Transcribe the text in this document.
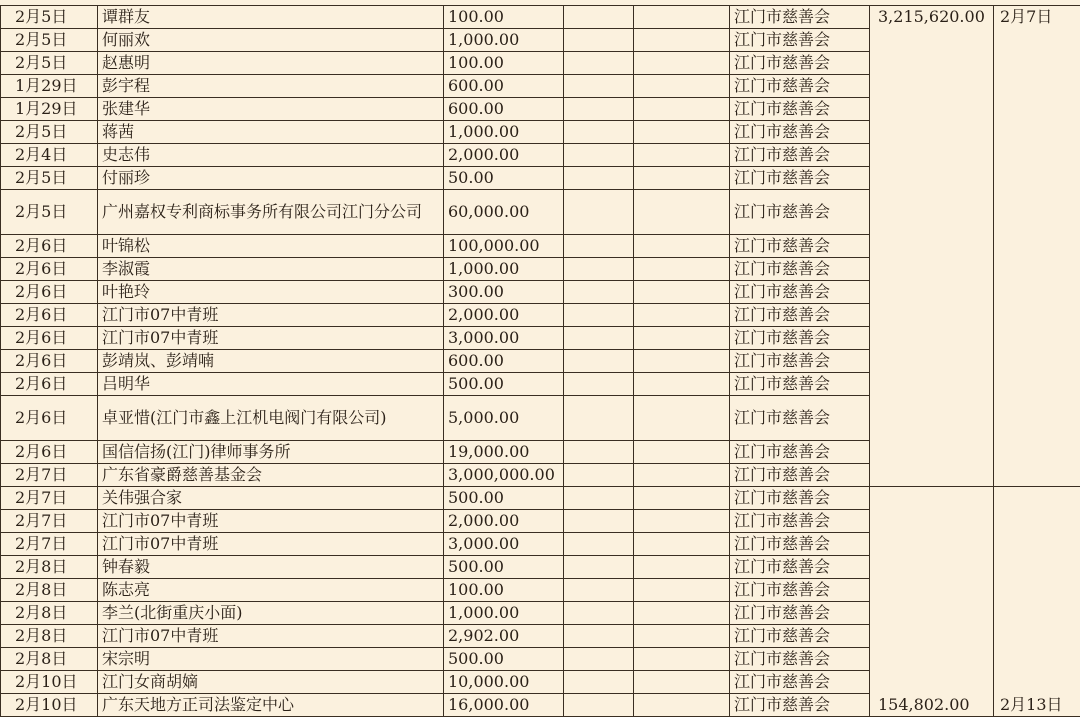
2月5日	谭群友	100.00			江门市慈善会	3,215,620.00	2月7日
2月5日	何丽欢	1,000.00			江门市慈善会		
2月5日	赵惠明	100.00			江门市慈善会		
1月29日	彭宇程	600.00			江门市慈善会		
1月29日	张建华	600.00			江门市慈善会		
2月5日	蒋茜	1,000.00			江门市慈善会		
2月4日	史志伟	2,000.00			江门市慈善会		
2月5日	付丽珍	50.00			江门市慈善会		
2月5日	广州嘉权专利商标事务所有限公司江门分公司	60,000.00			江门市慈善会		
2月6日	叶锦松	100,000.00			江门市慈善会		
2月6日	李淑霞	1,000.00			江门市慈善会		
2月6日	叶艳玲	300.00			江门市慈善会		
2月6日	江门市07中青班	2,000.00			江门市慈善会		
2月6日	江门市07中青班	3,000.00			江门市慈善会		
2月6日	彭靖岚、彭靖喃	600.00			江门市慈善会		
2月6日	吕明华	500.00			江门市慈善会		
2月6日	卓亚惜(江门市鑫上江机电阀门有限公司)	5,000.00			江门市慈善会		
2月6日	国信信扬(江门)律师事务所	19,000.00			江门市慈善会		
2月7日	广东省豪爵慈善基金会	3,000,000.00			江门市慈善会		
2月7日	关伟强合家	500.00			江门市慈善会	154,802.00	2月13日
2月7日	江门市07中青班	2,000.00			江门市慈善会		
2月7日	江门市07中青班	3,000.00			江门市慈善会		
2月8日	钟春毅	500.00			江门市慈善会		
2月8日	陈志亮	100.00			江门市慈善会		
2月8日	李兰(北街重庆小面)	1,000.00			江门市慈善会		
2月8日	江门市07中青班	2,902.00			江门市慈善会		
2月8日	宋宗明	500.00			江门市慈善会		
2月10日	江门女商胡嫡	10,000.00			江门市慈善会		
2月10日	广东天地方正司法鉴定中心	16,000.00			江门市慈善会		
